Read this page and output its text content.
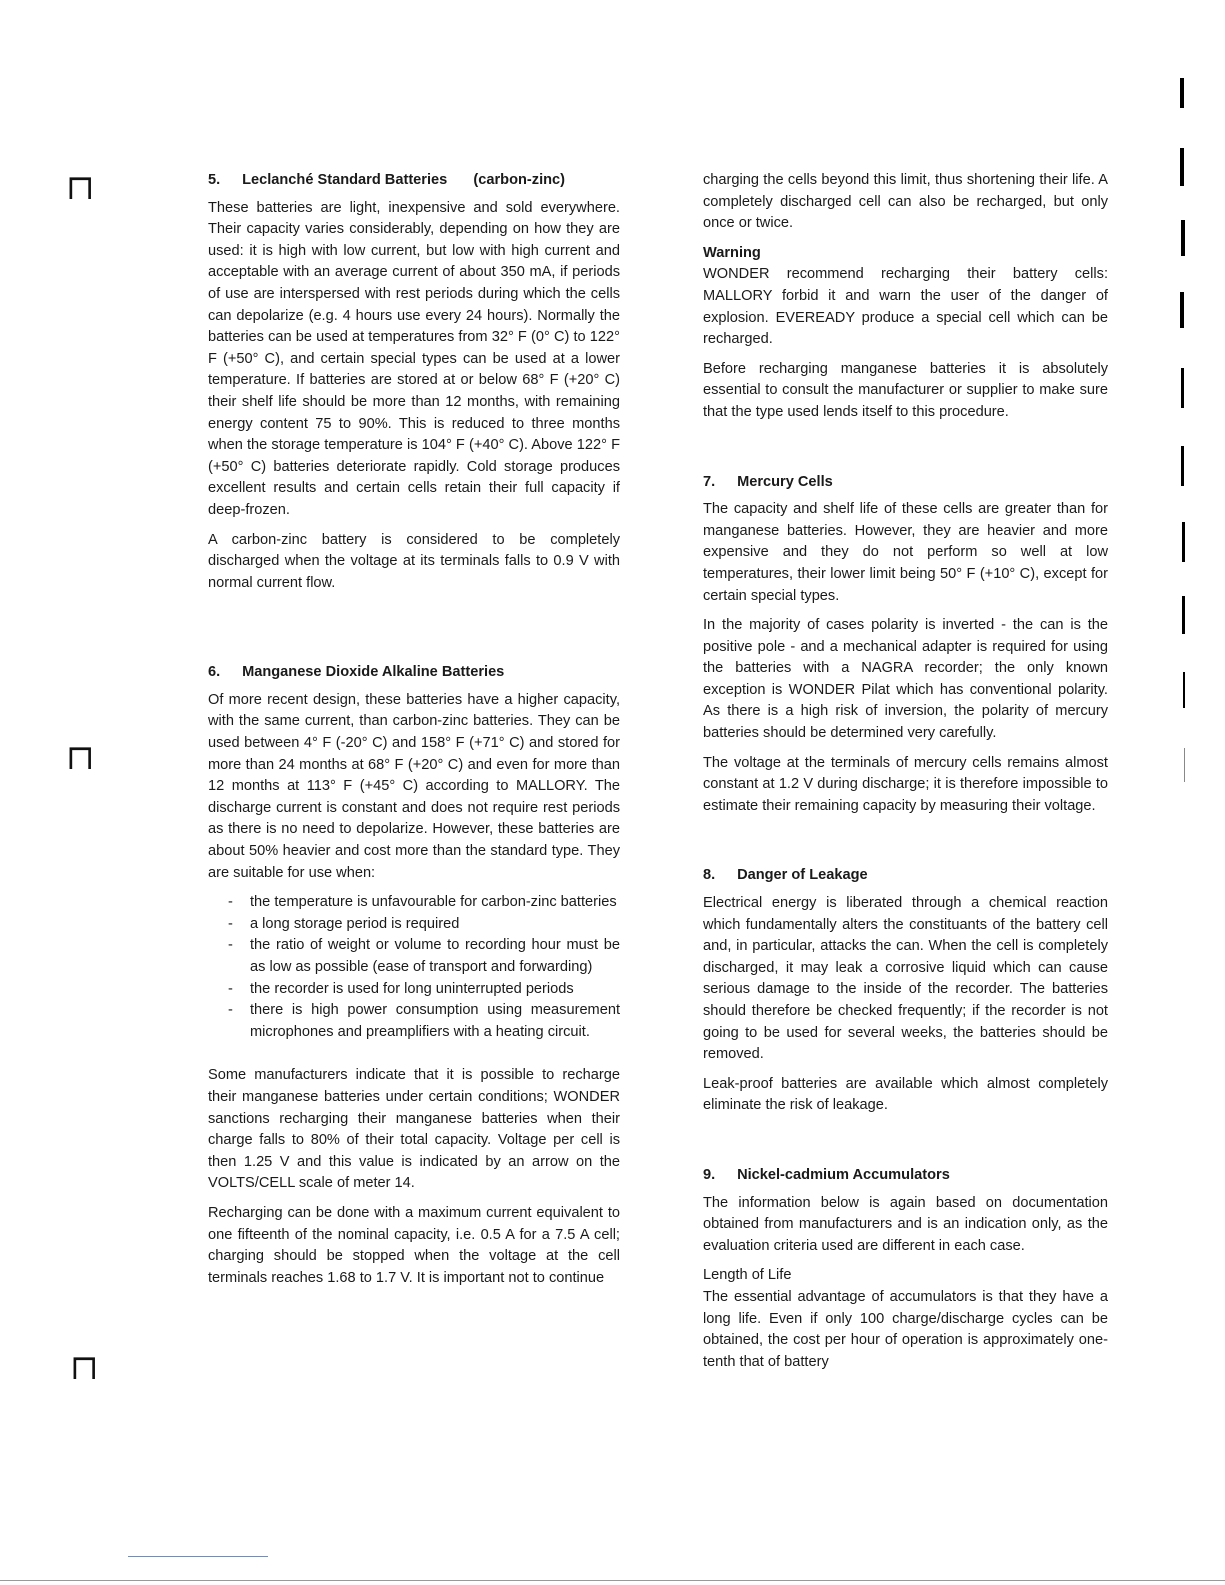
⊓
⊓
⊓
5. Leclanché Standard Batteries (carbon-zinc)

These batteries are light, inexpensive and sold everywhere. Their capacity varies considerably, depending on how they are used: it is high with low current, but low with high current and acceptable with an average current of about 350 mA, if periods of use are interspersed with rest periods during which the cells can depolarize (e.g. 4 hours use every 24 hours). Normally the batteries can be used at temperatures from 32° F (0° C) to 122° F (+50° C), and certain special types can be used at a lower temperature. If batteries are stored at or below 68° F (+20° C) their shelf life should be more than 12 months, with remaining energy content 75 to 90%. This is reduced to three months when the storage temperature is 104° F (+40° C). Above 122° F (+50° C) batteries deteriorate rapidly. Cold storage produces excellent results and certain cells retain their full capacity if deep-frozen.

A carbon-zinc battery is considered to be completely discharged when the voltage at its terminals falls to 0.9 V with normal current flow.

6. Manganese Dioxide Alkaline Batteries

Of more recent design, these batteries have a higher capacity, with the same current, than carbon-zinc batteries. They can be used between 4° F (-20° C) and 158° F (+71° C) and stored for more than 24 months at 68° F (+20° C) and even for more than 12 months at 113° F (+45° C) according to MALLORY. The discharge current is constant and does not require rest periods as there is no need to depolarize. However, these batteries are about 50% heavier and cost more than the standard type. They are suitable for use when:

- the temperature is unfavourable for carbon-zinc batteries
- a long storage period is required
- the ratio of weight or volume to recording hour must be as low as possible (ease of transport and forwarding)
- the recorder is used for long uninterrupted periods
- there is high power consumption using measurement microphones and preamplifiers with a heating circuit.

Some manufacturers indicate that it is possible to recharge their manganese batteries under certain conditions; WONDER sanctions recharging their manganese batteries when their charge falls to 80% of their total capacity. Voltage per cell is then 1.25 V and this value is indicated by an arrow on the VOLTS/CELL scale of meter 14.

Recharging can be done with a maximum current equivalent to one fifteenth of the nominal capacity, i.e. 0.5 A for a 7.5 A cell; charging should be stopped when the voltage at the cell terminals reaches 1.68 to 1.7 V. It is important not to continue

charging the cells beyond this limit, thus shortening their life. A completely discharged cell can also be recharged, but only once or twice.

Warning

WONDER recommend recharging their battery cells: MALLORY forbid it and warn the user of the danger of explosion. EVEREADY produce a special cell which can be recharged.

Before recharging manganese batteries it is absolutely essential to consult the manufacturer or supplier to make sure that the type used lends itself to this procedure.

7. Mercury Cells

The capacity and shelf life of these cells are greater than for manganese batteries. However, they are heavier and more expensive and they do not perform so well at low temperatures, their lower limit being 50° F (+10° C), except for certain special types.

In the majority of cases polarity is inverted - the can is the positive pole - and a mechanical adapter is required for using the batteries with a NAGRA recorder; the only known exception is WONDER Pilat which has conventional polarity. As there is a high risk of inversion, the polarity of mercury batteries should be determined very carefully.

The voltage at the terminals of mercury cells remains almost constant at 1.2 V during discharge; it is therefore impossible to estimate their remaining capacity by measuring their voltage.

8. Danger of Leakage

Electrical energy is liberated through a chemical reaction which fundamentally alters the constituants of the battery cell and, in particular, attacks the can. When the cell is completely discharged, it may leak a corrosive liquid which can cause serious damage to the inside of the recorder. The batteries should therefore be checked frequently; if the recorder is not going to be used for several weeks, the batteries should be removed.

Leak-proof batteries are available which almost completely eliminate the risk of leakage.

9. Nickel-cadmium Accumulators

The information below is again based on documentation obtained from manufacturers and is an indication only, as the evaluation criteria used are different in each case.

Length of Life

The essential advantage of accumulators is that they have a long life. Even if only 100 charge/discharge cycles can be obtained, the cost per hour of operation is approximately one-tenth that of battery
